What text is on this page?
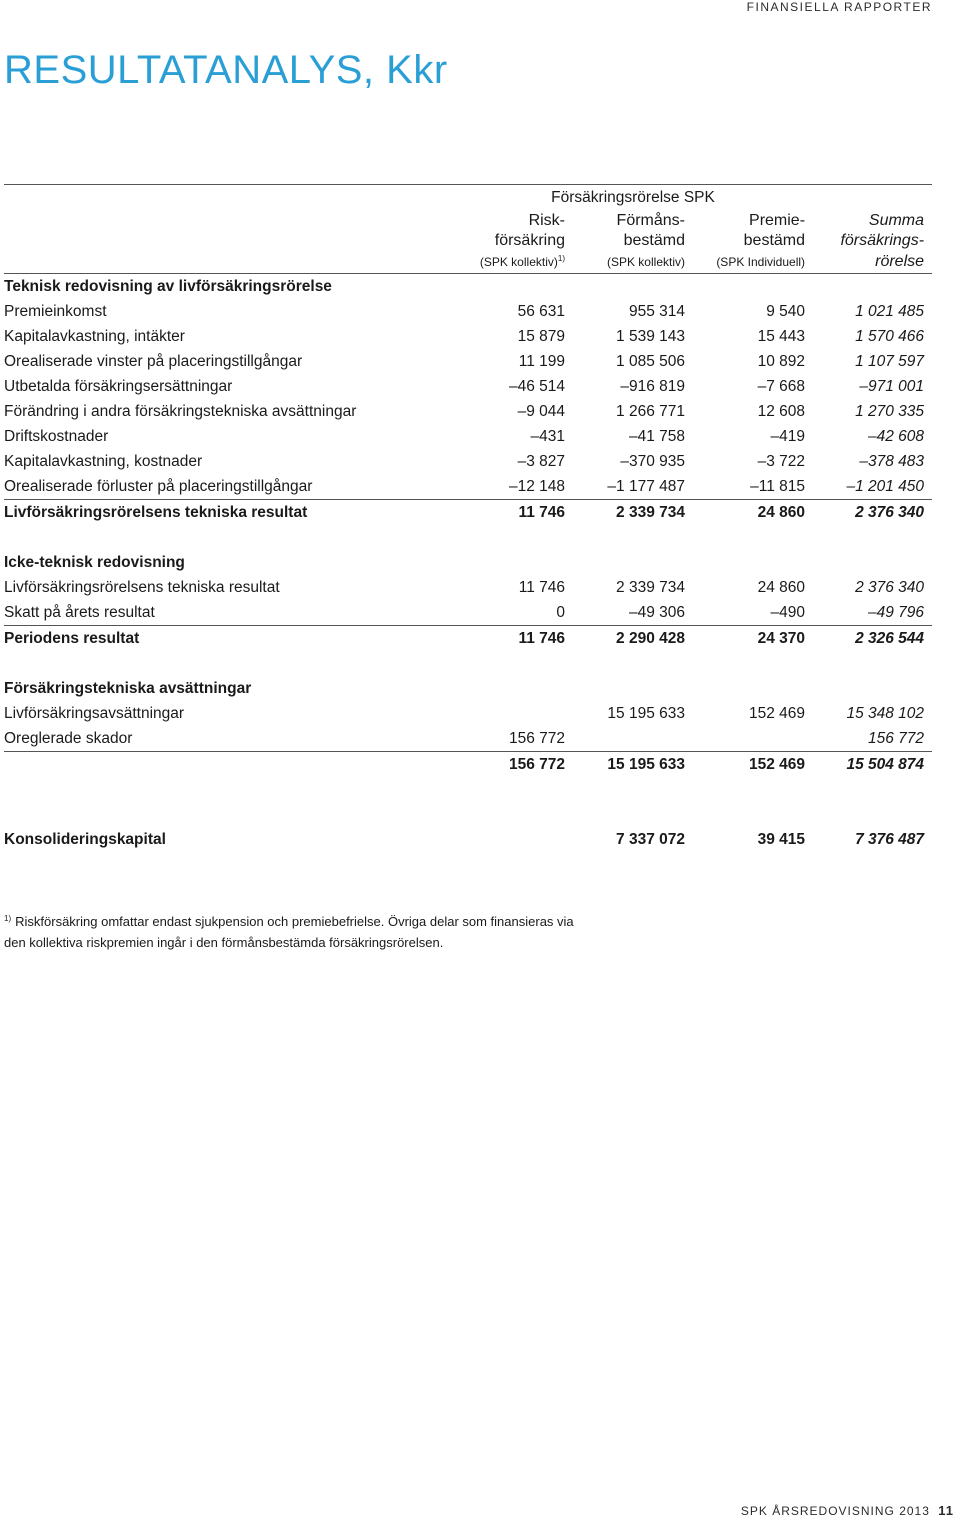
FINANSIELLA RAPPORTER
RESULTATANALYS, Kkr
	Försäkringsrörelse SPK			
	Risk-	Förmåns-	Premie-	Summa
	försäkring	bestämd	bestämd	försäkrings-
	(SPK kollektiv)$^{1)}$	(SPK kollektiv)	(SPK Individuell)	rörelse
Teknisk redovisning av livförsäkringsrörelse				
Premieinkomst	56 631	955 314	9 540	1 021 485
Kapitalavkastning, intäkter	15 879	1 539 143	15 443	1 570 466
Orealiserade vinster på placeringstillgångar	11 199	1 085 506	10 892	1 107 597
Utbetalda försäkringsersättningar	–46 514	–916 819	–7 668	–971 001
Förändring i andra försäkringstekniska avsättningar	–9 044	1 266 771	12 608	1 270 335
Driftskostnader	–431	–41 758	–419	–42 608
Kapitalavkastning, kostnader	–3 827	–370 935	–3 722	–378 483
Orealiserade förluster på placeringstillgångar	–12 148	–1 177 487	–11 815	–1 201 450
Livförsäkringsrörelsens tekniska resultat	11 746	2 339 734	24 860	2 376 340

Icke-teknisk redovisning				
Livförsäkringsrörelsens tekniska resultat	11 746	2 339 734	24 860	2 376 340
Skatt på årets resultat	0	–49 306	–490	–49 796
Periodens resultat	11 746	2 290 428	24 370	2 326 544

Försäkringstekniska avsättningar				
Livförsäkringsavsättningar		15 195 633	152 469	15 348 102
Oreglerade skador	156 772			156 772
	156 772	15 195 633	152 469	15 504 874

Konsolideringskapital		7 337 072	39 415	7 376 487
$^{1)}$ Riskförsäkring omfattar endast sjukpension och premiebefrielse. Övriga delar som finansieras via
den kollektiva riskpremien ingår i den förmånsbestämda försäkringsrörelsen.
SPK ÅRSREDOVISNING 2013 11
